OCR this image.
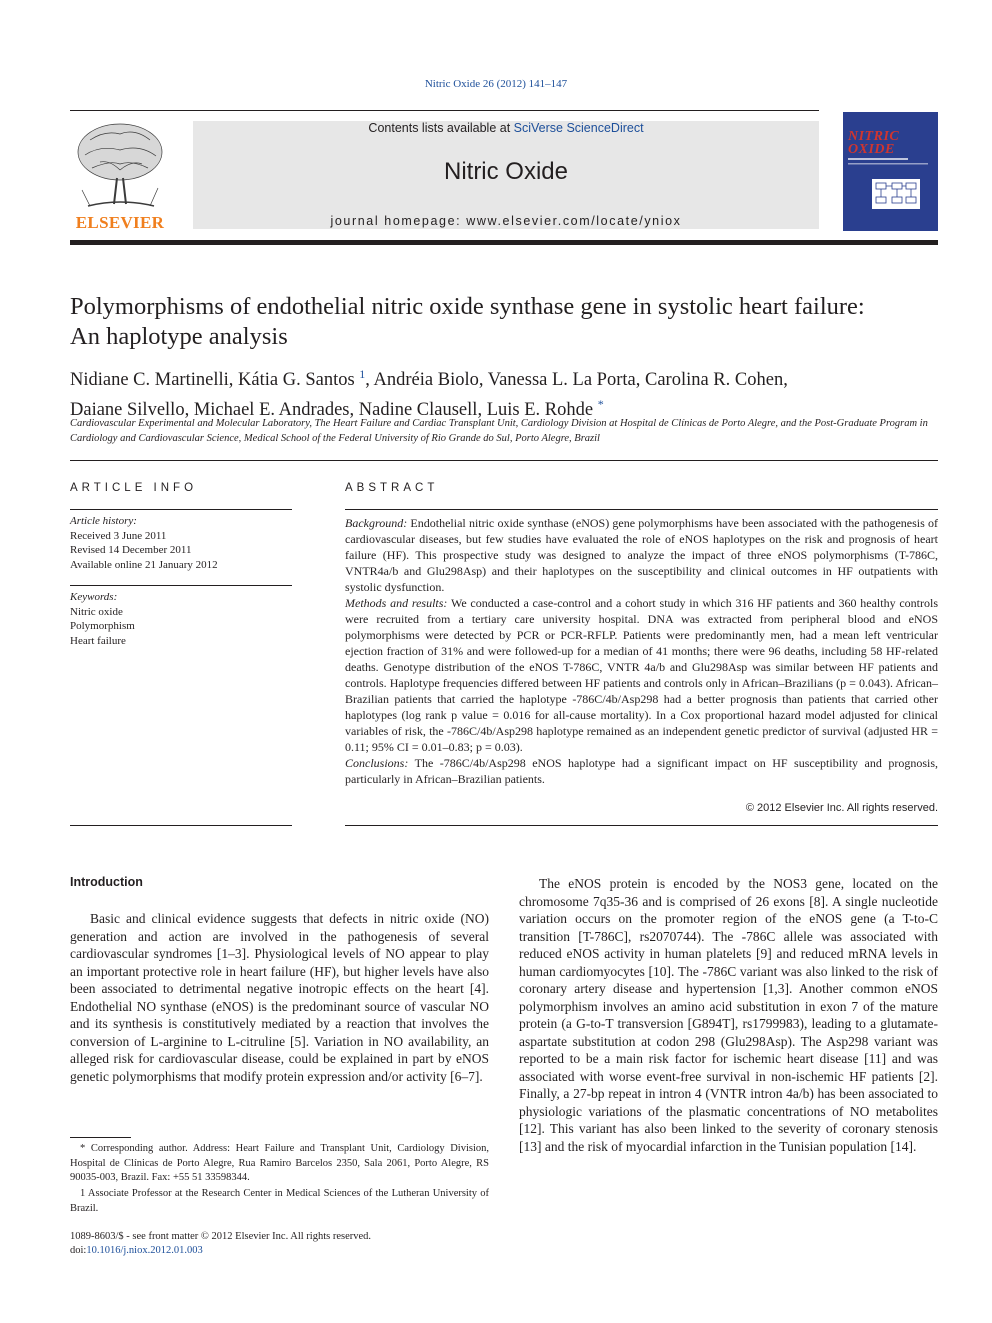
Nitric Oxide 26 (2012) 141–147
ELSEVIER
Contents lists available at SciVerse ScienceDirect
Nitric Oxide
journal homepage: www.elsevier.com/locate/yniox
NITRIC
OXIDE
Polymorphisms of endothelial nitric oxide synthase gene in systolic heart failure:
An haplotype analysis
Nidiane C. Martinelli, Kátia G. Santos $^1$, Andréia Biolo, Vanessa L. La Porta, Carolina R. Cohen,
Daiane Silvello, Michael E. Andrades, Nadine Clausell, Luis E. Rohde *
Cardiovascular Experimental and Molecular Laboratory, The Heart Failure and Cardiac Transplant Unit, Cardiology Division at Hospital de Clínicas de Porto Alegre, and the Post-Graduate Program in Cardiology and Cardiovascular Science, Medical School of the Federal University of Rio Grande do Sul, Porto Alegre, Brazil
ARTICLE INFO	ABSTRACT
Article history:
Received 3 June 2011
Revised 14 December 2011
Available online 21 January 2012
Keywords:
Nitric oxide
Polymorphism
Heart failure

Background: Endothelial nitric oxide synthase (eNOS) gene polymorphisms have been associated with the pathogenesis of cardiovascular diseases, but few studies have evaluated the role of eNOS haplotypes on the risk and prognosis of heart failure (HF). This prospective study was designed to analyze the impact of three eNOS polymorphisms (T-786C, VNTR4a/b and Glu298Asp) and their haplotypes on the susceptibility and clinical outcomes in HF outpatients with systolic dysfunction.

Methods and results: We conducted a case-control and a cohort study in which 316 HF patients and 360 healthy controls were recruited from a tertiary care university hospital. DNA was extracted from peripheral blood and eNOS polymorphisms were detected by PCR or PCR-RFLP. Patients were predominantly men, had a mean left ventricular ejection fraction of 31% and were followed-up for a median of 41 months; there were 96 deaths, including 58 HF-related deaths. Genotype distribution of the eNOS T-786C, VNTR 4a/b and Glu298Asp was similar between HF patients and controls. Haplotype frequencies differed between HF patients and controls only in African–Brazilians (p = 0.043). African–Brazilian patients that carried the haplotype -786C/4b/Asp298 had a better prognosis than patients that carried other haplotypes (log rank p value = 0.016 for all-cause mortality). In a Cox proportional hazard model adjusted for clinical variables of risk, the -786C/4b/Asp298 haplotype remained as an independent genetic predictor of survival (adjusted HR = 0.11; 95% CI = 0.01–0.83; p = 0.03).

Conclusions: The -786C/4b/Asp298 eNOS haplotype had a significant impact on HF susceptibility and prognosis, particularly in African–Brazilian patients.

© 2012 Elsevier Inc. All rights reserved.
Introduction
Basic and clinical evidence suggests that defects in nitric oxide (NO) generation and action are involved in the pathogenesis of several cardiovascular syndromes [1–3]. Physiological levels of NO appear to play an important protective role in heart failure (HF), but higher levels have also been associated to detrimental negative inotropic effects on the heart [4]. Endothelial NO synthase (eNOS) is the predominant source of vascular NO and its synthesis is constitutively mediated by a reaction that involves the conversion of L-arginine to L-citruline [5]. Variation in NO availability, an alleged risk for cardiovascular disease, could be explained in part by eNOS genetic polymorphisms that modify protein expression and/or activity [6–7].
The eNOS protein is encoded by the NOS3 gene, located on the chromosome 7q35-36 and is comprised of 26 exons [8]. A single nucleotide variation occurs on the promoter region of the eNOS gene (a T-to-C transition [T-786C], rs2070744). The -786C allele was associated with reduced eNOS activity in human platelets [9] and reduced mRNA levels in human cardiomyocytes [10]. The -786C variant was also linked to the risk of coronary artery disease and hypertension [1,3]. Another common eNOS polymorphism involves an amino acid substitution in exon 7 of the mature protein (a G-to-T transversion [G894T], rs1799983), leading to a glutamate-aspartate substitution at codon 298 (Glu298Asp). The Asp298 variant was reported to be a main risk factor for ischemic heart disease [11] and was associated with worse event-free survival in non-ischemic HF patients [2]. Finally, a 27-bp repeat in intron 4 (VNTR intron 4a/b) has been associated to physiologic variations of the plasmatic concentrations of NO metabolites [12]. This variant has also been linked to the severity of coronary stenosis [13] and the risk of myocardial infarction in the Tunisian population [14].
* Corresponding author. Address: Heart Failure and Transplant Unit, Cardiology Division, Hospital de Clínicas de Porto Alegre, Rua Ramiro Barcelos 2350, Sala 2061, Porto Alegre, RS 90035-003, Brazil. Fax: +55 51 33598344.
1 Associate Professor at the Research Center in Medical Sciences of the Lutheran University of Brazil.
1089-8603/$ - see front matter © 2012 Elsevier Inc. All rights reserved.
doi:10.1016/j.niox.2012.01.003
